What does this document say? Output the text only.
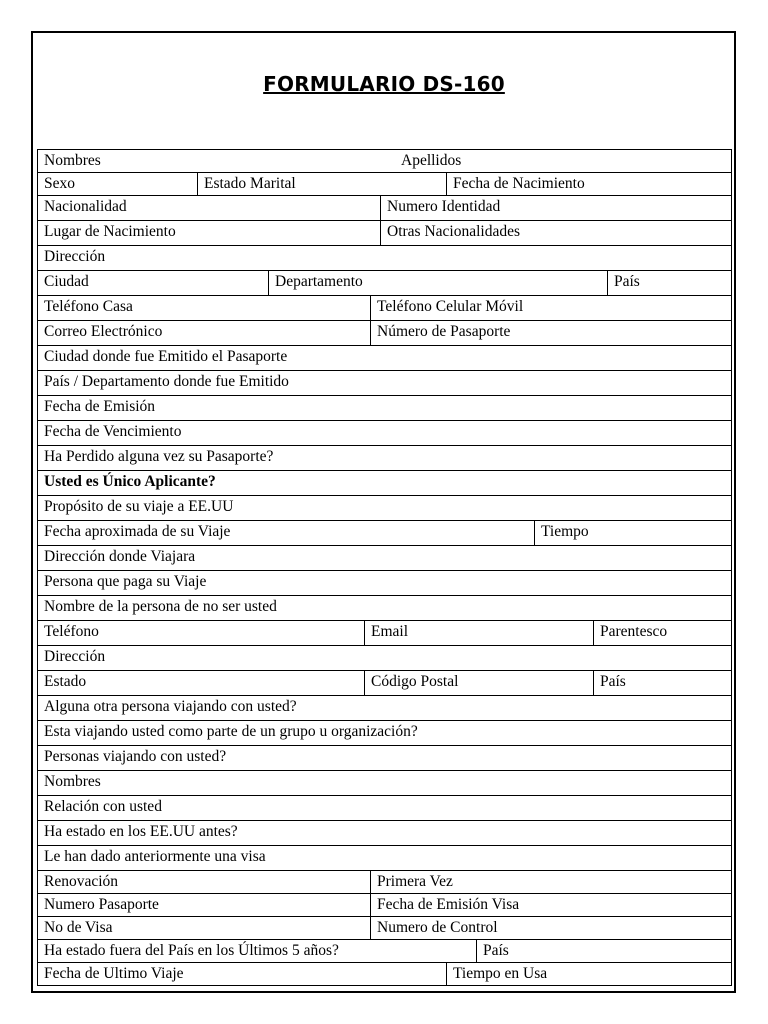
FORMULARIO DS-160
Nombres Apellidos										

Sexo	Estado Marital					Fecha de Nacimiento				
Nacionalidad					Numero Identidad					
Lugar de Nacimiento					Otras Nacionalidades					
Dirección										
Ciudad		Departamento								País
Teléfono Casa				Teléfono Celular Móvil						
Correo Electrónico				Número de Pasaporte						
Ciudad donde fue Emitido el Pasaporte										
País / Departamento donde fue Emitido										
Fecha de Emisión										
Fecha de Vencimiento										
Ha Perdido alguna vez su Pasaporte?										
Usted es Único Aplicante?										
Propósito de su viaje a EE.UU										
Fecha aproximada de su Viaje								Tiempo		
Dirección donde Viajara										
Persona que paga su Viaje										
Nombre de la persona de no ser usted										
Teléfono			Email						Parentesco	
Dirección										
Estado			Código Postal						País	
Alguna otra persona viajando con usted?										
Esta viajando usted como parte de un grupo u organización?										
Personas viajando con usted?										
Nombres										
Relación con usted										
Ha estado en los EE.UU antes?										
Le han dado anteriormente una visa										
Renovación				Primera Vez						
Numero Pasaporte				Fecha de Emisión Visa						
No de Visa				Numero de Control						
Ha estado fuera del País en los Últimos 5 años?							País			
Fecha de Ultimo Viaje						Tiempo en Usa				
